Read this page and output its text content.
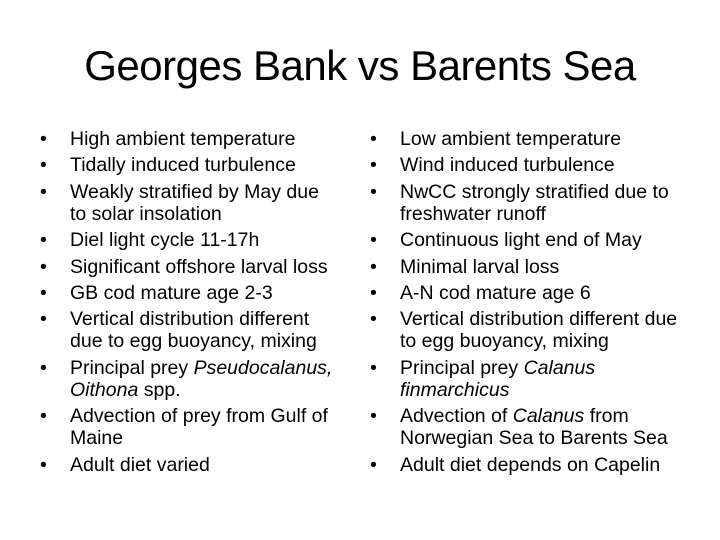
Georges Bank vs Barents Sea
•	High ambient temperature
•	Tidally induced turbulence
•	Weakly stratified by May due to solar insolation
•	Diel light cycle 11-17h
•	Significant offshore larval loss
•	GB cod mature age 2-3
•	Vertical distribution different due to egg buoyancy, mixing
•	Principal prey Pseudocalanus, Oithona spp.
•	Advection of prey from Gulf of Maine
•	Adult diet varied
•	Low ambient temperature
•	Wind induced turbulence
•	NwCC strongly stratified due to freshwater runoff
•	Continuous light end of May
•	Minimal larval loss
•	A-N cod mature age 6
•	Vertical distribution different due to egg buoyancy, mixing
•	Principal prey Calanus finmarchicus
•	Advection of Calanus from Norwegian Sea to Barents Sea
•	Adult diet depends on Capelin
